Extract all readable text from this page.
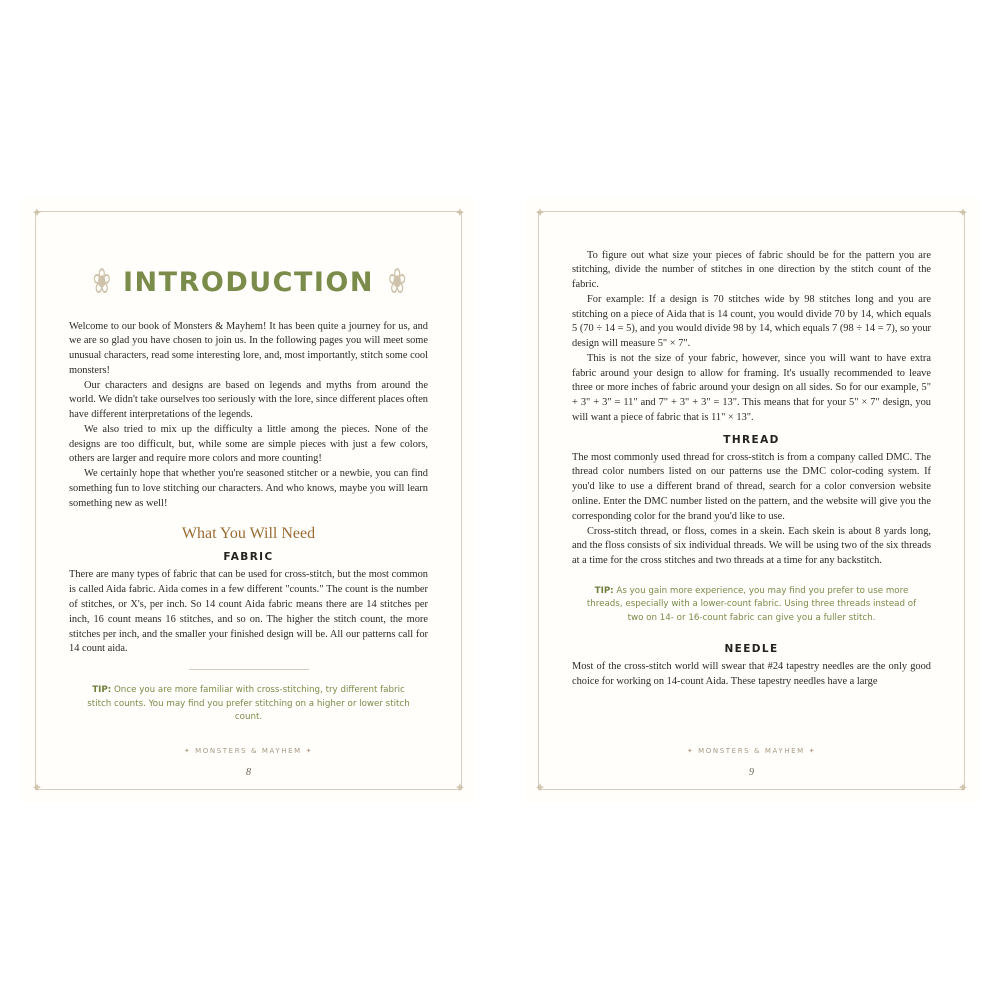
✦	✦
✦	✦
❀ INTRODUCTION ❀

Welcome to our book of Monsters & Mayhem! It has been quite a journey for us, and we are so glad you have chosen to join us. In the following pages you will meet some unusual characters, read some interesting lore, and, most importantly, stitch some cool monsters!

Our characters and designs are based on legends and myths from around the world. We didn't take ourselves too seriously with the lore, since different places often have different interpretations of the legends.

We also tried to mix up the difficulty a little among the pieces. None of the designs are too difficult, but, while some are simple pieces with just a few colors, others are larger and require more colors and more counting!

We certainly hope that whether you're seasoned stitcher or a newbie, you can find something fun to love stitching our characters. And who knows, maybe you will learn something new as well!

What You Will Need
FABRIC

There are many types of fabric that can be used for cross-stitch, but the most common is called Aida fabric. Aida comes in a few different "counts." The count is the number of stitches, or X's, per inch. So 14 count Aida fabric means there are 14 stitches per inch, 16 count means 16 stitches, and so on. The higher the stitch count, the more stitches per inch, and the smaller your finished design will be. All our patterns call for 14 count aida.

TIP: Once you are more familiar with cross-stitching, try different fabric stitch counts. You may find you prefer stitching on a higher or lower stitch count.
✦ MONSTERS & MAYHEM ✦
8
✦	✦
✦	✦

To figure out what size your pieces of fabric should be for the pattern you are stitching, divide the number of stitches in one direction by the stitch count of the fabric.

For example: If a design is 70 stitches wide by 98 stitches long and you are stitching on a piece of Aida that is 14 count, you would divide 70 by 14, which equals 5 (70 ÷ 14 = 5), and you would divide 98 by 14, which equals 7 (98 ÷ 14 = 7), so your design will measure 5" × 7".

This is not the size of your fabric, however, since you will want to have extra fabric around your design to allow for framing. It's usually recommended to leave three or more inches of fabric around your design on all sides. So for our example, 5" + 3" + 3" = 11" and 7" + 3" + 3" = 13". This means that for your 5" × 7" design, you will want a piece of fabric that is 11" × 13".

THREAD

The most commonly used thread for cross-stitch is from a company called DMC. The thread color numbers listed on our patterns use the DMC color-coding system. If you'd like to use a different brand of thread, search for a color conversion website online. Enter the DMC number listed on the pattern, and the website will give you the corresponding color for the brand you'd like to use.

Cross-stitch thread, or floss, comes in a skein. Each skein is about 8 yards long, and the floss consists of six individual threads. We will be using two of the six threads at a time for the cross stitches and two threads at a time for any backstitch.

TIP: As you gain more experience, you may find you prefer to use more threads, especially with a lower-count fabric. Using three threads instead of two on 14- or 16-count fabric can give you a fuller stitch.
NEEDLE

Most of the cross-stitch world will swear that #24 tapestry needles are the only good choice for working on 14-count Aida. These tapestry needles have a large

✦ MONSTERS & MAYHEM ✦
9
